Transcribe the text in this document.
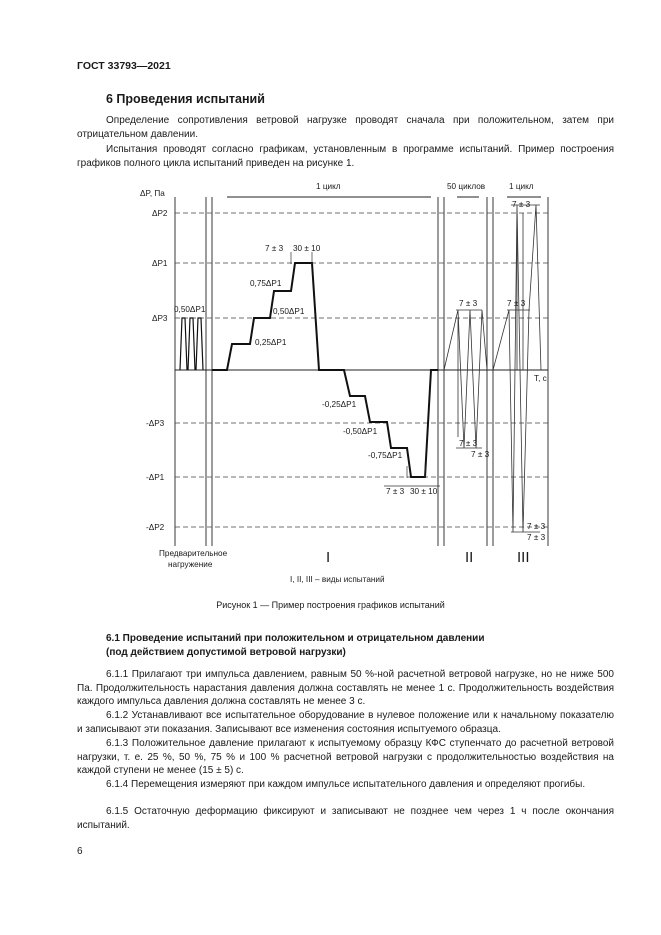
ГОСТ 33793—2021
6 Проведения испытаний
Определение сопротивления ветровой нагрузке проводят сначала при положительном, затем при отрицательном давлении.
Испытания проводят согласно графикам, установленным в программе испытаний. Пример построения графиков полного цикла испытаний приведен на рисунке 1.
ΔP, Па
ΔP2
ΔP1
ΔP3
-ΔP3
-ΔP1
-ΔP2
T, c
1 цикл	50 циклов	1 цикл
0,50ΔP1
0,25ΔP1
0,50ΔP1
0,75ΔP1
-0,25ΔP1
-0,50ΔP1
-0,75ΔP1
7 ± 3 30 ± 10
7 ± 3 30 ± 10
7 ± 3
7 ± 3
7 ± 3
7 ± 3
7 ± 3
7 ± 3
7 ± 3
Предварительное
нагружение	I	II	III
I, II, III – виды испытаний
Рисунок 1 — Пример построения графиков испытаний
6.1 Проведение испытаний при положительном и отрицательном давлении
(под действием допустимой ветровой нагрузки)
6.1.1 Прилагают три импульса давлением, равным 50 %-ной расчетной ветровой нагрузке, но не ниже 500 Па. Продолжительность нарастания давления должна составлять не менее 1 с. Продолжительность воздействия каждого импульса давления должна составлять не менее 3 с.
6.1.2 Устанавливают все испытательное оборудование в нулевое положение или к начальному показателю и записывают эти показания. Записывают все изменения состояния испытуемого образца.
6.1.3 Положительное давление прилагают к испытуемому образцу КФС ступенчато до расчетной ветровой нагрузки, т. е. 25 %, 50 %, 75 % и 100 % расчетной ветровой нагрузки с продолжительностью воздействия на каждой ступени не менее (15 ± 5) с.
6.1.4 Перемещения измеряют при каждом импульсе испытательного давления и определяют прогибы.
6.1.5 Остаточную деформацию фиксируют и записывают не позднее чем через 1 ч после окончания испытаний.
6
